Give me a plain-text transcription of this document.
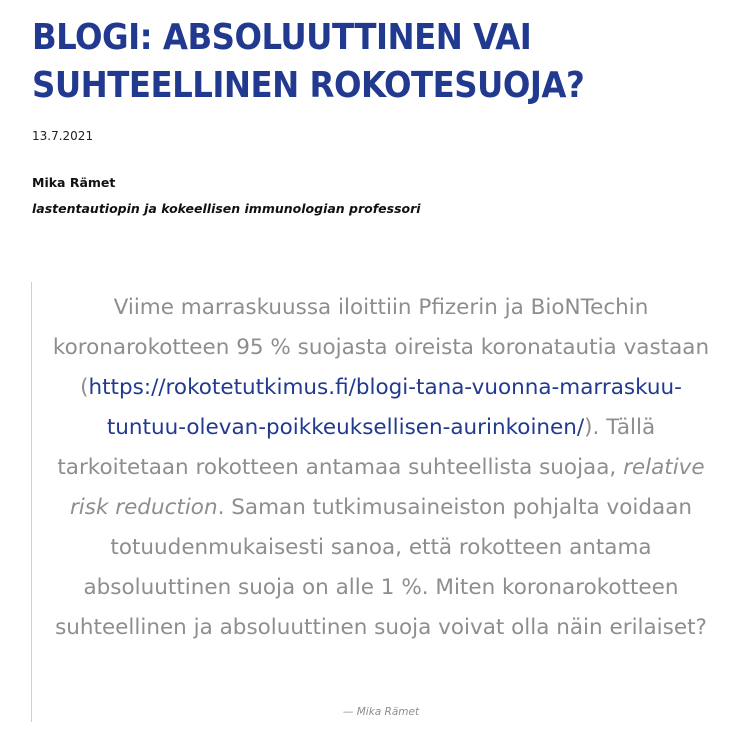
BLOGI: ABSOLUUTTINEN VAI SUHTEELLINEN ROKOTESUOJA?
13.7.2021
Mika Rämet
lastentautiopin ja kokeellisen immunologian professori

Viime marraskuussa iloittiin Pfizerin ja BioNTechin koronarokotteen 95 % suojasta oireista koronatautia vastaan (https://rokotetutkimus.fi/blogi-tana-vuonna-marraskuu-tuntuu-olevan-poikkeuksellisen-aurinkoinen/). Tällä tarkoitetaan rokotteen antamaa suhteellista suojaa, relative risk reduction. Saman tutkimusaineiston pohjalta voidaan totuudenmukaisesti sanoa, että rokotteen antama absoluuttinen suoja on alle 1 %. Miten koronarokotteen suhteellinen ja absoluuttinen suoja voivat olla näin erilaiset?

— Mika Rämet
